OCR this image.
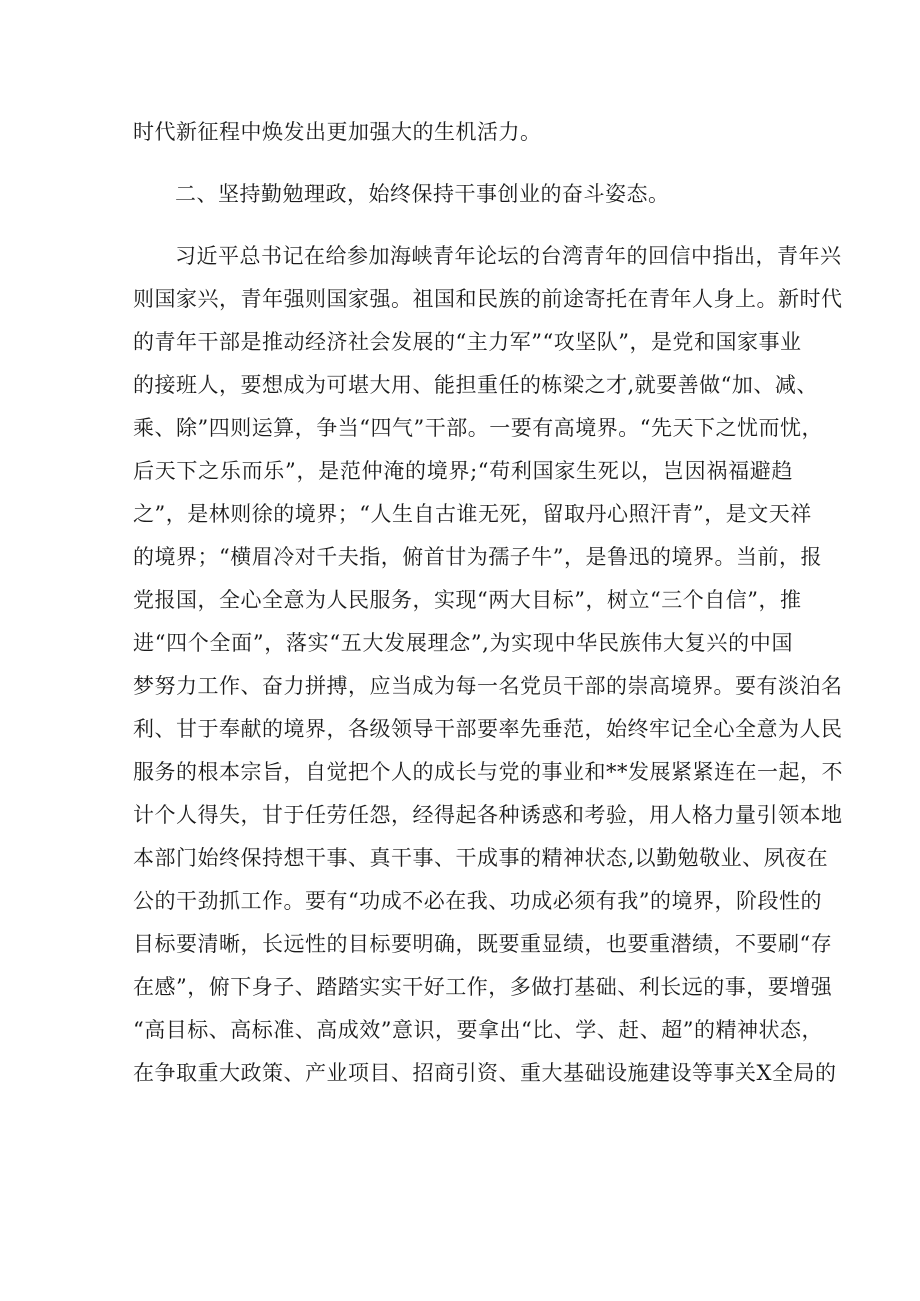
时代新征程中焕发出更加强大的生机活力。
二、坚持勤勉理政，始终保持干事创业的奋斗姿态。
习近平总书记在给参加海峡青年论坛的台湾青年的回信中指出，青年兴
则国家兴，青年强则国家强。祖国和民族的前途寄托在青年人身上。新时代
的青年干部是推动经济社会发展的“主力军”“攻坚队”，是党和国家事业
的接班人，要想成为可堪大用、能担重任的栋梁之才,就要善做“加、减、
乘、除”四则运算，争当“四气”干部。一要有高境界。“先天下之忧而忧，
后天下之乐而乐”，是范仲淹的境界;“苟利国家生死以，岂因祸福避趋
之”，是林则徐的境界；“人生自古谁无死，留取丹心照汗青”，是文天祥
的境界；“横眉冷对千夫指，俯首甘为孺子牛”，是鲁迅的境界。当前，报
党报国，全心全意为人民服务，实现“两大目标”，树立“三个自信”，推
进“四个全面”，落实“五大发展理念”,为实现中华民族伟大复兴的中国
梦努力工作、奋力拼搏，应当成为每一名党员干部的崇高境界。要有淡泊名
利、甘于奉献的境界，各级领导干部要率先垂范，始终牢记全心全意为人民
服务的根本宗旨，自觉把个人的成长与党的事业和**发展紧紧连在一起，不
计个人得失，甘于任劳任怨，经得起各种诱惑和考验，用人格力量引领本地
本部门始终保持想干事、真干事、干成事的精神状态,以勤勉敬业、夙夜在
公的干劲抓工作。要有“功成不必在我、功成必须有我”的境界，阶段性的
目标要清晰，长远性的目标要明确，既要重显绩，也要重潜绩，不要刷“存
在感”，俯下身子、踏踏实实干好工作，多做打基础、利长远的事，要增强
“高目标、高标准、高成效”意识，要拿出“比、学、赶、超”的精神状态，
在争取重大政策、产业项目、招商引资、重大基础设施建设等事关X全局的
